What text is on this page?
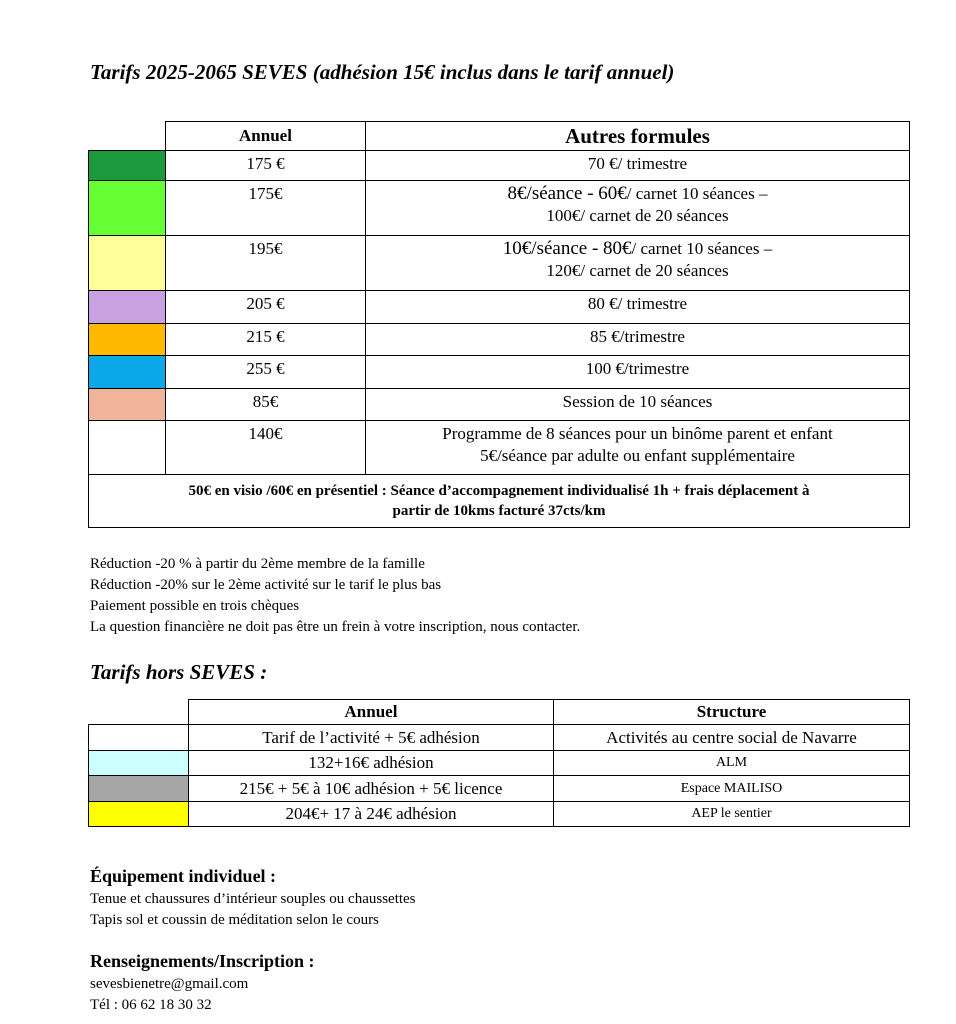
Tarifs 2025-2065 SEVES (adhésion 15€ inclus dans le tarif annuel)
	Annuel	Autres formules
	175 €	70 €/ trimestre
	175€	8€/séance - 60€/ carnet 10 séances –
100€/ carnet de 20 séances

	195€	10€/séance - 80€/ carnet 10 séances –
120€/ carnet de 20 séances

	205 €	80 €/ trimestre
	215 €	85 €/trimestre
	255 €	100 €/trimestre
	85€	Session de 10 séances
	140€	Programme de 8 séances pour un binôme parent et enfant
5€/séance par adulte ou enfant supplémentaire

50€ en visio /60€ en présentiel : Séance d’accompagnement individualisé 1h + frais déplacement à
partir de 10kms facturé 37cts/km		
Réduction -20 % à partir du 2ème membre de la famille
Réduction -20% sur le 2ème activité sur le tarif le plus bas
Paiement possible en trois chèques
La question financière ne doit pas être un frein à votre inscription, nous contacter.
Tarifs hors SEVES :
	Annuel	Structure
	Tarif de l’activité + 5€ adhésion	Activités au centre social de Navarre
	132+16€ adhésion	ALM
	215€ + 5€ à 10€ adhésion + 5€ licence	Espace MAILISO
	204€+ 17 à 24€ adhésion	AEP le sentier
Équipement individuel :
Tenue et chaussures d’intérieur souples ou chaussettes
Tapis sol et coussin de méditation selon le cours
Renseignements/Inscription :
sevesbienetre@gmail.com
Tél : 06 62 18 30 32
